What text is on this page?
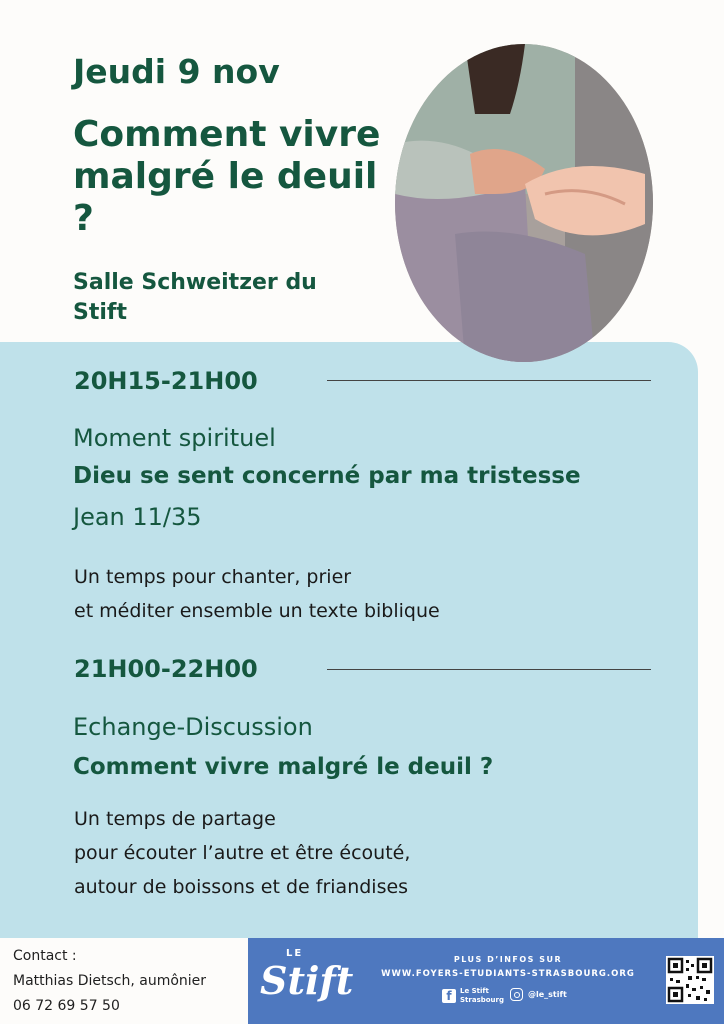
Jeudi 9 nov
Comment vivre malgré le deuil ?
Salle Schweitzer du Stift
20H15-21H00
Moment spirituel
Dieu se sent concerné par ma tristesse
Jean 11/35
Un temps pour chanter, prier
et méditer ensemble un texte biblique
21H00-22H00
Echange-Discussion
Comment vivre malgré le deuil ?
Un temps de partage
pour écouter l’autre et être écouté,
autour de boissons et de friandises
Contact :
Matthias Dietsch, aumônier
06 72 69 57 50
LE
Stift	PLUS D’INFOS SUR
WWW.FOYERS-ETUDIANTS-STRASBOURG.ORG
f	Le Stift
Strasbourg
@le_stift
